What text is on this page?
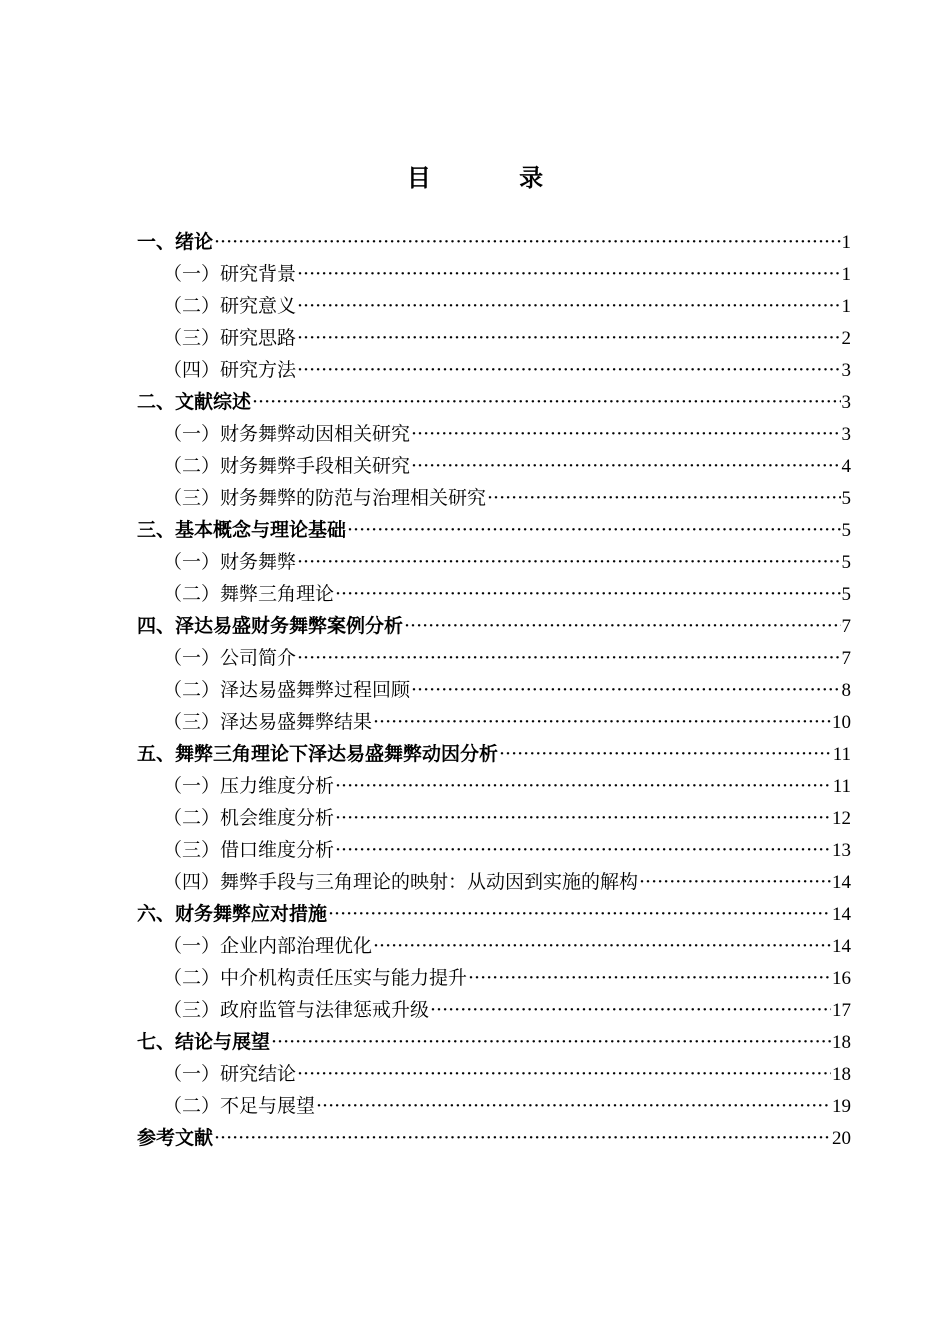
目 录
一、绪论 ·····	1
（一）研究背景 ·····	1
（二）研究意义 ·····	1
（三）研究思路 ·····	2
（四）研究方法 ·····	3
二、文献综述 ·····	3
（一）财务舞弊动因相关研究 ·····	3
（二）财务舞弊手段相关研究 ·····	4
（三）财务舞弊的防范与治理相关研究 ·····	5
三、基本概念与理论基础 ·····	5
（一）财务舞弊 ·····	5
（二）舞弊三角理论 ·····	5
四、泽达易盛财务舞弊案例分析 ·····	7
（一）公司简介 ·····	7
（二）泽达易盛舞弊过程回顾 ·····	8
（三）泽达易盛舞弊结果 ·····	10
五、舞弊三角理论下泽达易盛舞弊动因分析 ·····	11
（一）压力维度分析 ·····	11
（二）机会维度分析 ·····	12
（三）借口维度分析 ·····	13
（四）舞弊手段与三角理论的映射：从动因到实施的解构 ·····	14
六、财务舞弊应对措施 ·····	14
（一）企业内部治理优化 ·····	14
（二）中介机构责任压实与能力提升 ·····	16
（三）政府监管与法律惩戒升级 ·····	17
七、结论与展望 ·····	18
（一）研究结论 ·····	18
（二）不足与展望 ·····	19
参考文献 ·····	20
